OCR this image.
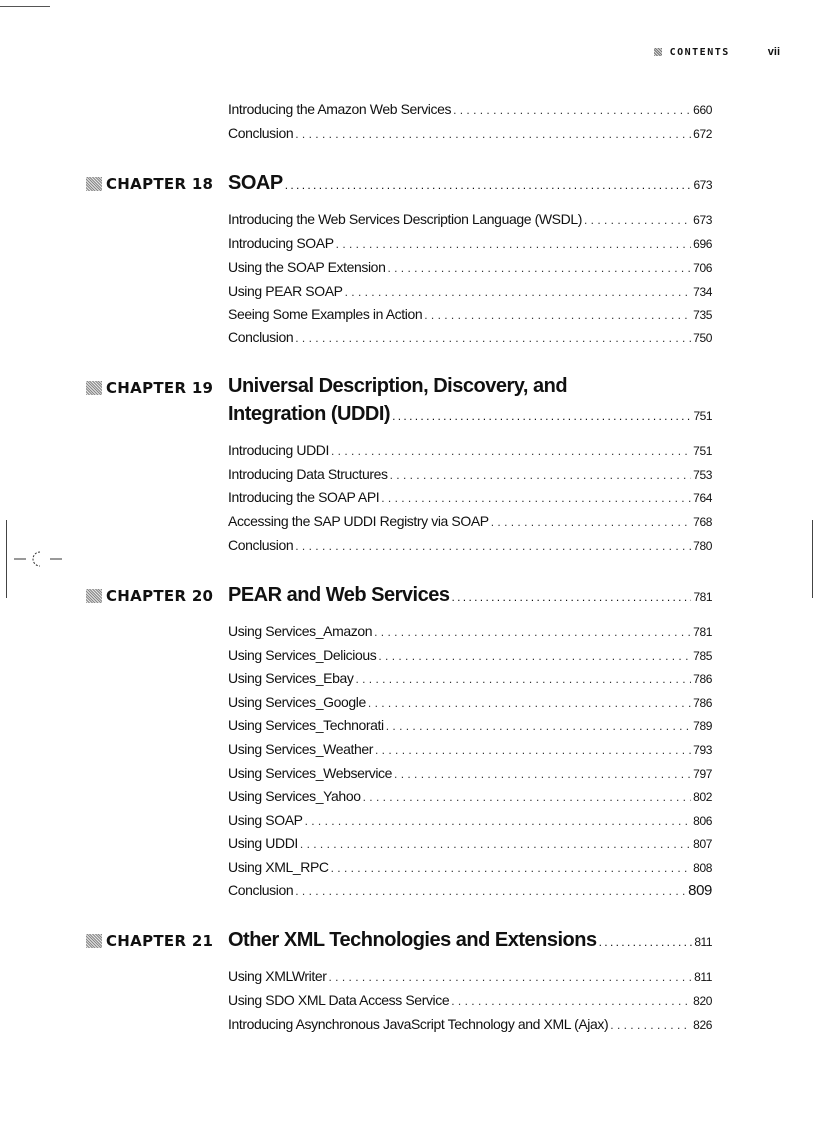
CONTENTS	vii
Introducing the Amazon Web Services . . .	660
Conclusion . . .	672
CHAPTER 18 SOAP . . .	673
Introducing the Web Services Description Language (WSDL) . . .	673
Introducing SOAP . . .	696
Using the SOAP Extension . . .	706
Using PEAR SOAP . . .	734
Seeing Some Examples in Action . . .	735
Conclusion . . .	750
CHAPTER 19 Universal Description, Discovery, and
Integration (UDDI) . . .	751
Introducing UDDI . . .	751
Introducing Data Structures . . .	753
Introducing the SOAP API . . .	764
Accessing the SAP UDDI Registry via SOAP . . .	768
Conclusion . . .	780
CHAPTER 20 PEAR and Web Services . . .	781
Using Services_Amazon . . .	781
Using Services_Delicious . . .	785
Using Services_Ebay . . .	786
Using Services_Google . . .	786
Using Services_Technorati . . .	789
Using Services_Weather . . .	793
Using Services_Webservice . . .	797
Using Services_Yahoo . . .	802
Using SOAP . . .	806
Using UDDI . . .	807
Using XML_RPC . . .	808
Conclusion . . .	809
CHAPTER 21 Other XML Technologies and Extensions . . .	811
Using XMLWriter . . .	811
Using SDO XML Data Access Service . . .	820
Introducing Asynchronous JavaScript Technology and XML (Ajax) . . .	826
